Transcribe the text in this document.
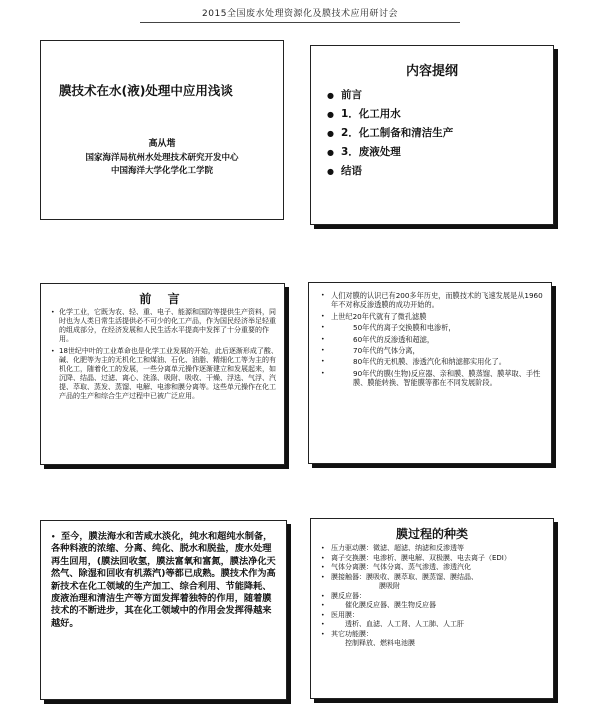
2015全国废水处理资源化及膜技术应用研讨会
膜技术在水(液)处理中应用浅谈
高从堦
国家海洋局杭州水处理技术研究开发中心
中国海洋大学化学化工学院
内容提纲
● 前言
● 1．化工用水
● 2．化工制备和清洁生产
● 3．废液处理
● 结语
前 言
• 化学工业，它既为农、轻、重、电子、能源和国防等提供生产资料，同时也为人类日常生活提供必不可少的化工产品，作为国民经济举足轻重的组成部分，在经济发展和人民生活水平提高中发挥了十分重要的作用。
• 18世纪中叶的工业革命也是化学工业发展的开始，此后逐渐形成了酸、碱、化肥等为主的无机化工和煤油、石化、油脂、精细化工等为主的有机化工，随着化工的发展，一些分离单元操作逐渐建立和发展起来，如沉降、结晶、过滤、离心、洗涤、吸附、吸收、干燥、浮选、气浮、汽提、萃取、蒸发、蒸馏、电解、电渗和膜分离等。这些单元操作在化工产品的生产和综合生产过程中已被广泛应用。
• 人们对膜的认识已有200多年历史，而膜技术的飞速发展是从1960年不对称反渗透膜的成功开始的。
• 上世纪20年代就有了微孔滤膜
•	50年代的离子交换膜和电渗析，
•	60年代的反渗透和超滤，
•	70年代的气体分离，
•	80年代的无机膜、渗透汽化和纳滤都实用化了。
•	90年代的膜(生物)反应器、亲和膜、膜蒸馏、膜萃取、手性膜、膜能转换、智能膜等都在不同发展阶段。
• 至今，膜法海水和苦咸水淡化，纯水和超纯水制备，各种料液的浓缩、分离、纯化、脱水和脱盐，废水处理再生回用，(膜法回收氢，膜法富氧和富氮，膜法净化天然气、除湿和回收有机蒸汽)等都已成熟。膜技术作为高新技术在化工领域的生产加工、综合利用、节能降耗、废液治理和清洁生产等方面发挥着独特的作用，随着膜技术的不断进步，其在化工领域中的作用会发挥得越来越好。
膜过程的种类
• 压力驱动膜：微滤、超滤、纳滤和反渗透等
• 离子交换膜：电渗析、膜电解、双极膜、电去离子（EDI）
• 气体分离膜：气体分离、蒸气渗透、渗透汽化
• 膜接触器：膜吸收、膜萃取、膜蒸馏、膜结晶、
膜吸附
• 膜反应器：
•	催化膜反应器、膜生物反应器
• 医用膜：
•	透析、血滤、人工肾、人工肺、人工肝
• 其它功能膜：
控制释放、燃料电池膜
